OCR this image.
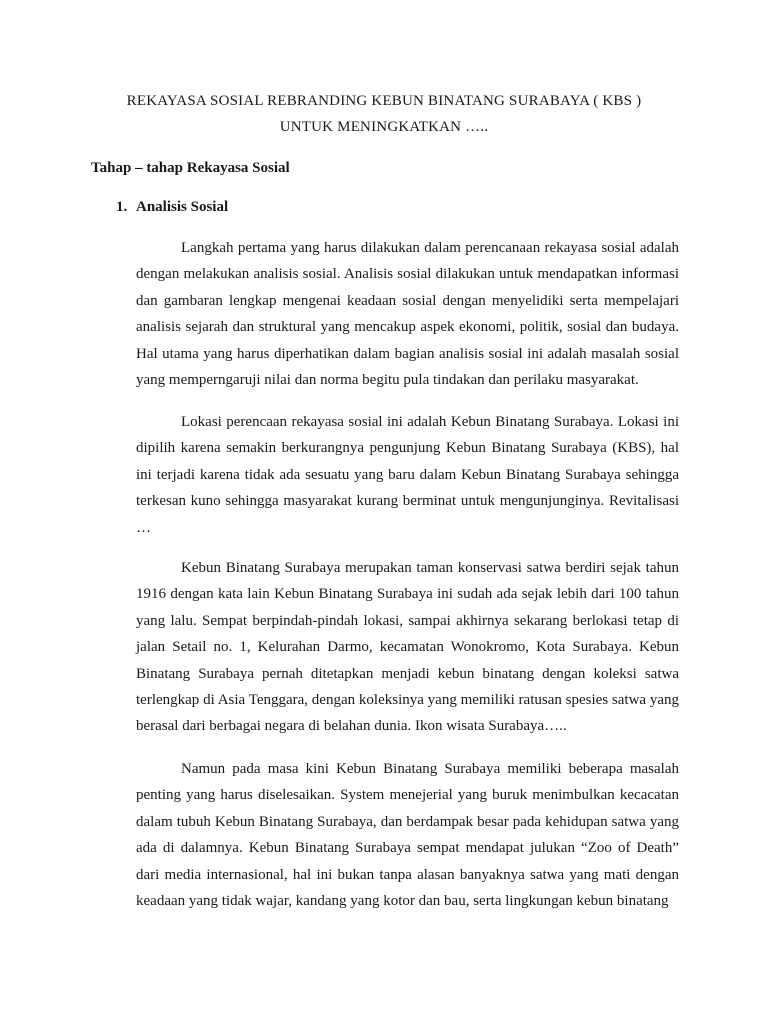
REKAYASA SOSIAL REBRANDING KEBUN BINATANG SURABAYA ( KBS )
UNTUK MENINGKATKAN …..
Tahap – tahap Rekayasa Sosial
1. Analisis Sosial

Langkah pertama yang harus dilakukan dalam perencanaan rekayasa sosial adalah dengan melakukan analisis sosial. Analisis sosial dilakukan untuk mendapatkan informasi dan gambaran lengkap mengenai keadaan sosial dengan menyelidiki serta mempelajari analisis sejarah dan struktural yang mencakup aspek ekonomi, politik, sosial dan budaya. Hal utama yang harus diperhatikan dalam bagian analisis sosial ini adalah masalah sosial yang memperngaruji nilai dan norma begitu pula tindakan dan perilaku masyarakat.

Lokasi perencaan rekayasa sosial ini adalah Kebun Binatang Surabaya. Lokasi ini dipilih karena semakin berkurangnya pengunjung Kebun Binatang Surabaya (KBS), hal ini terjadi karena tidak ada sesuatu yang baru dalam Kebun Binatang Surabaya sehingga terkesan kuno sehingga masyarakat kurang berminat untuk mengunjunginya. Revitalisasi …

Kebun Binatang Surabaya merupakan taman konservasi satwa berdiri sejak tahun 1916 dengan kata lain Kebun Binatang Surabaya ini sudah ada sejak lebih dari 100 tahun yang lalu. Sempat berpindah-pindah lokasi, sampai akhirnya sekarang berlokasi tetap di jalan Setail no. 1, Kelurahan Darmo, kecamatan Wonokromo, Kota Surabaya. Kebun Binatang Surabaya pernah ditetapkan menjadi kebun binatang dengan koleksi satwa terlengkap di Asia Tenggara, dengan koleksinya yang memiliki ratusan spesies satwa yang berasal dari berbagai negara di belahan dunia. Ikon wisata Surabaya…..

Namun pada masa kini Kebun Binatang Surabaya memiliki beberapa masalah penting yang harus diselesaikan. System menejerial yang buruk menimbulkan kecacatan dalam tubuh Kebun Binatang Surabaya, dan berdampak besar pada kehidupan satwa yang ada di dalamnya. Kebun Binatang Surabaya sempat mendapat julukan “Zoo of Death” dari media internasional, hal ini bukan tanpa alasan banyaknya satwa yang mati dengan keadaan yang tidak wajar, kandang yang kotor dan bau, serta lingkungan kebun binatang
